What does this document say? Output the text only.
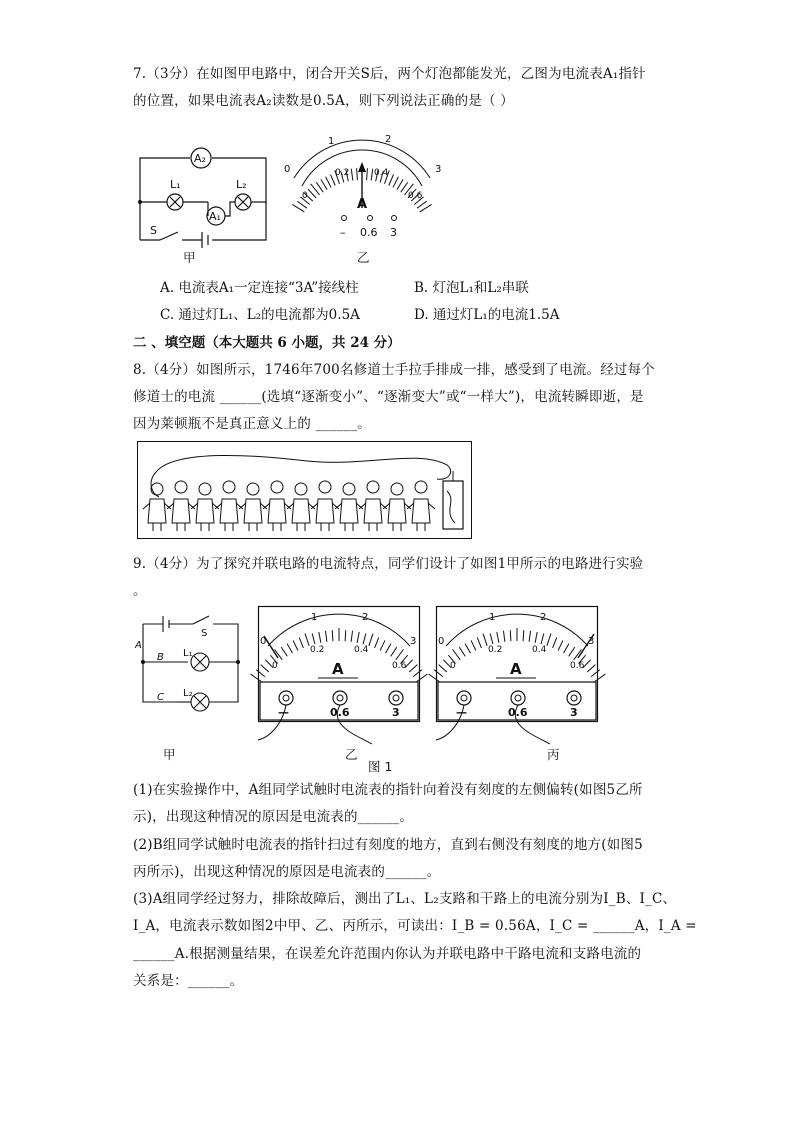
7.（3分）在如图甲电路中，闭合开关S后，两个灯泡都能发光，乙图为电流表A₁指针
的位置，如果电流表A₂读数是0.5A，则下列说法正确的是（ ）
A₂
L₁	L₂
A₁
S
甲
0
1	2
3
0
0.2	0.4
0.6
A
– 0.6 3
乙
A. 电流表A₁一定连接“3A”接线柱	B. 灯泡L₁和L₂串联
C. 通过灯L₁、L₂的电流都为0.5A	D. 通过灯L₁的电流1.5A
二 、填空题（本大题共 6 小题，共 24 分）
8.（4分）如图所示，1746年700名修道士手拉手排成一排，感受到了电流。经过每个
修道士的电流 ______(选填“逐渐变小”、“逐渐变大”或“一样大”)，电流转瞬即逝，是
因为莱顿瓶不是真正意义上的 ______。
9.（4分）为了探究并联电路的电流特点，同学们设计了如图1甲所示的电路进行实验
。
A
B
C
L₁
L₂
S
甲
0
1	2
3
0
0.2	0.4
0.6
A
—	0.6	3
乙
图 1
0
1	2
3
0
0.2	0.4
0.6
A
—	0.6	3
丙
(1)在实验操作中，A组同学试触时电流表的指针向着没有刻度的左侧偏转(如图5乙所
示)，出现这种情况的原因是电流表的______。
(2)B组同学试触时电流表的指针扫过有刻度的地方，直到右侧没有刻度的地方(如图5
丙所示)，出现这种情况的原因是电流表的______。
(3)A组同学经过努力，排除故障后，测出了L₁、L₂支路和干路上的电流分别为I_B、I_C、
I_A，电流表示数如图2中甲、乙、丙所示，可读出：I_B = 0.56A，I_C = ______A，I_A =
______A.根据测量结果，在误差允许范围内你认为并联电路中干路电流和支路电流的
关系是：______。
